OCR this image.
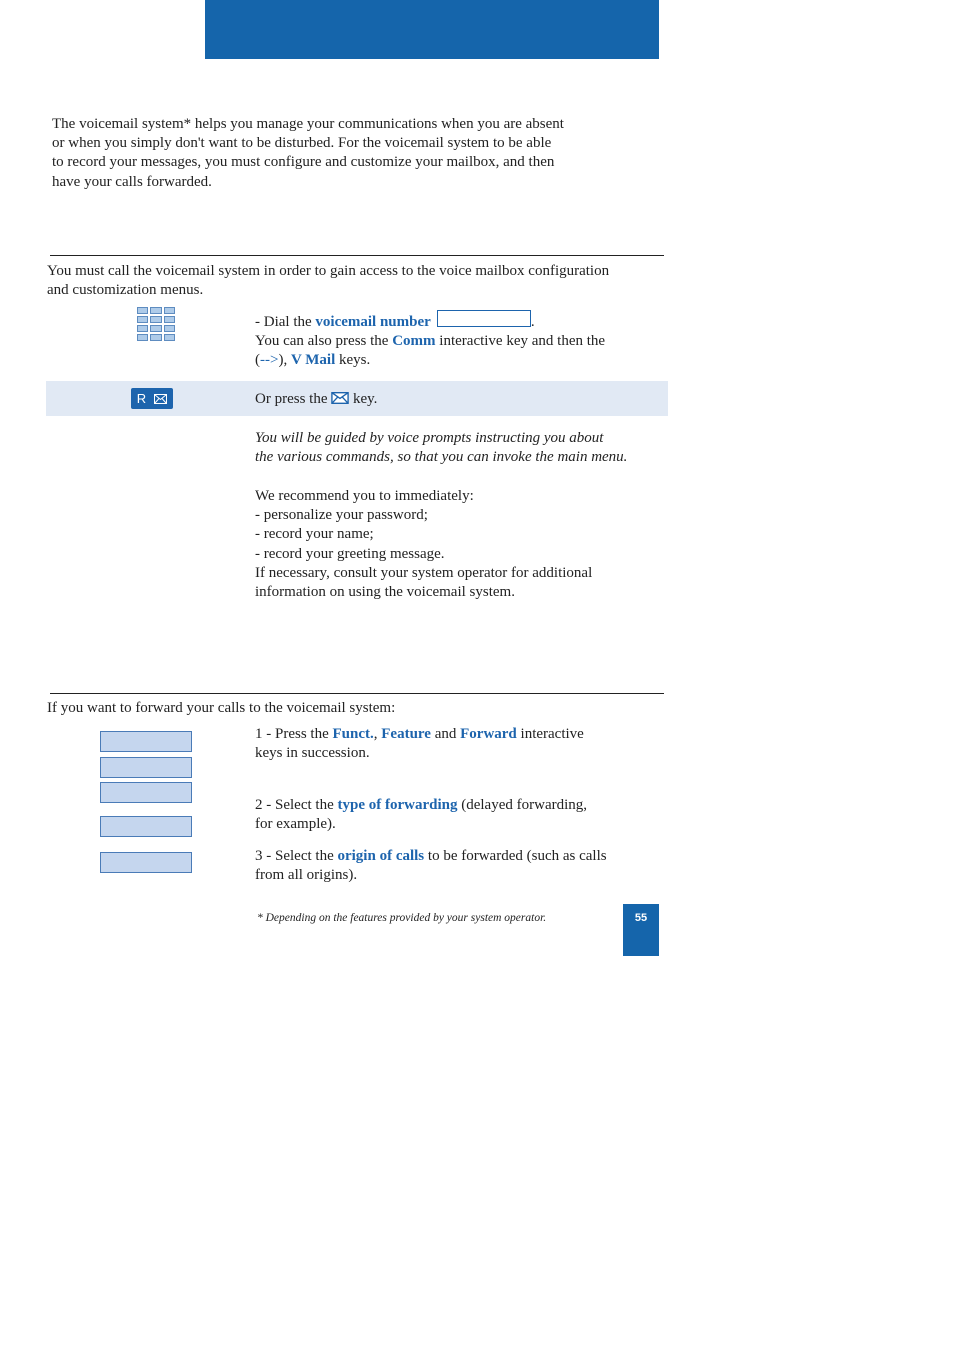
The voicemail system* helps you manage your communications when you are absent
or when you simply don't want to be disturbed. For the voicemail system to be able
to record your messages, you must configure and customize your mailbox, and then
have your calls forwarded.
You must call the voicemail system in order to gain access to the voice mailbox configuration
and customization menus.
- Dial the voicemail number	.
You can also press the Comm interactive key and then the
(-->), V Mail keys.
R	Or press the  key.
You will be guided by voice prompts instructing you about
the various commands, so that you can invoke the main menu.
We recommend you to immediately:
- personalize your password;
- record your name;
- record your greeting message.
If necessary, consult your system operator for additional
information on using the voicemail system.
If you want to forward your calls to the voicemail system:
1 - Press the Funct., Feature and Forward interactive
keys in succession.
2 - Select the type of forwarding (delayed forwarding,
for example).
3 - Select the origin of calls to be forwarded (such as calls
from all origins).
* Depending on the features provided by your system operator.	55
